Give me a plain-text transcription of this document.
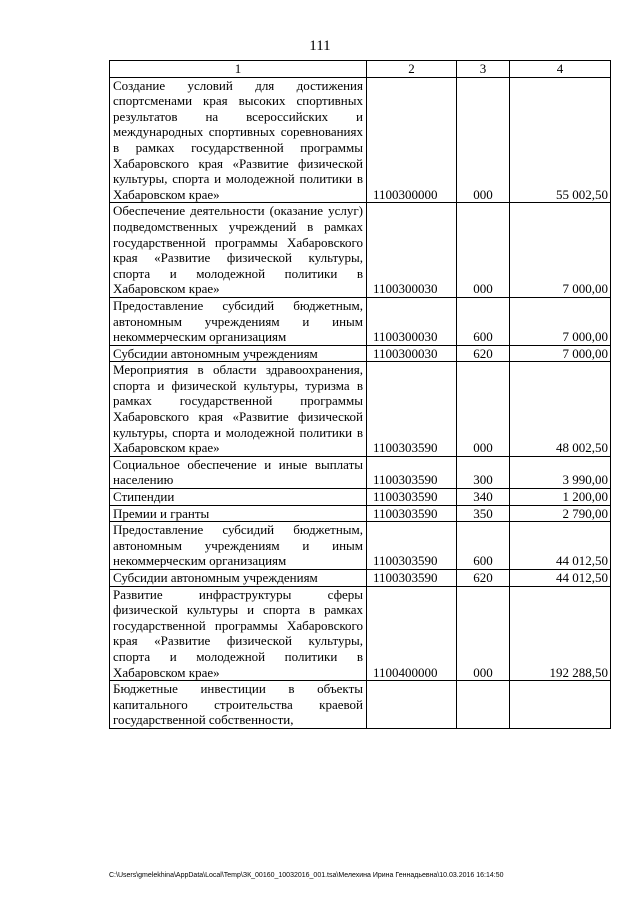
111
1	2	3	4
Создание условий для достижения спортсменами края высоких спортивных результатов на всероссийских и международных спортивных соревнованиях в рамках государственной программы Хабаровского края «Развитие физической культуры, спорта и молодежной политики в Хабаровском крае»	1100300000	000	55 002,50
Обеспечение деятельности (оказание услуг) подведомственных учреждений в рамках государственной программы Хабаровского края «Развитие физической культуры, спорта и молодежной политики в Хабаровском крае»	1100300030	000	7 000,00
Предоставление субсидий бюджетным, автономным учреждениям и иным некоммерческим организациям	1100300030	600	7 000,00
Субсидии автономным учреждениям	1100300030	620	7 000,00
Мероприятия в области здравоохранения, спорта и физической культуры, туризма в рамках государственной программы Хабаровского края «Развитие физической культуры, спорта и молодежной политики в Хабаровском крае»	1100303590	000	48 002,50
Социальное обеспечение и иные выплаты населению	1100303590	300	3 990,00
Стипендии	1100303590	340	1 200,00
Премии и гранты	1100303590	350	2 790,00
Предоставление субсидий бюджетным, автономным учреждениям и иным некоммерческим организациям	1100303590	600	44 012,50
Субсидии автономным учреждениям	1100303590	620	44 012,50
Развитие инфраструктуры сферы физической культуры и спорта в рамках государственной программы Хабаровского края «Развитие физической культуры, спорта и молодежной политики в Хабаровском крае»	1100400000	000	192 288,50
Бюджетные инвестиции в объекты капитального строительства краевой государственной собственности,			
C:\Users\gmelekhina\AppData\Local\Temp\ЗК_00160_10032016_001.tsa\Мелехина Ирина Геннадьевна\10.03.2016 16:14:50
